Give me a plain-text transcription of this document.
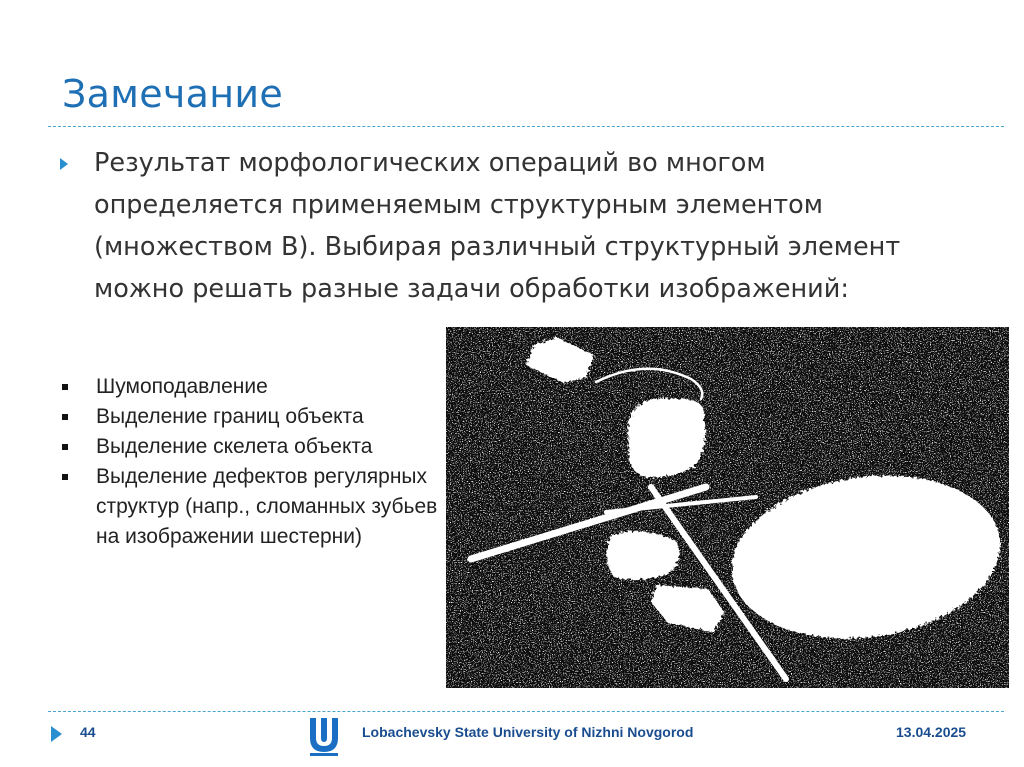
Замечание
Результат морфологических операций во многом определяется применяемым структурным элементом (множеством B). Выбирая различный структурный элемент можно решать разные задачи обработки изображений:
Шумоподавление
Выделение границ объекта
Выделение скелета объекта
Выделение дефектов регулярных структур (напр., сломанных зубьев на изображении шестерни)
44	Lobachevsky State University of Nizhni Novgorod	13.04.2025
